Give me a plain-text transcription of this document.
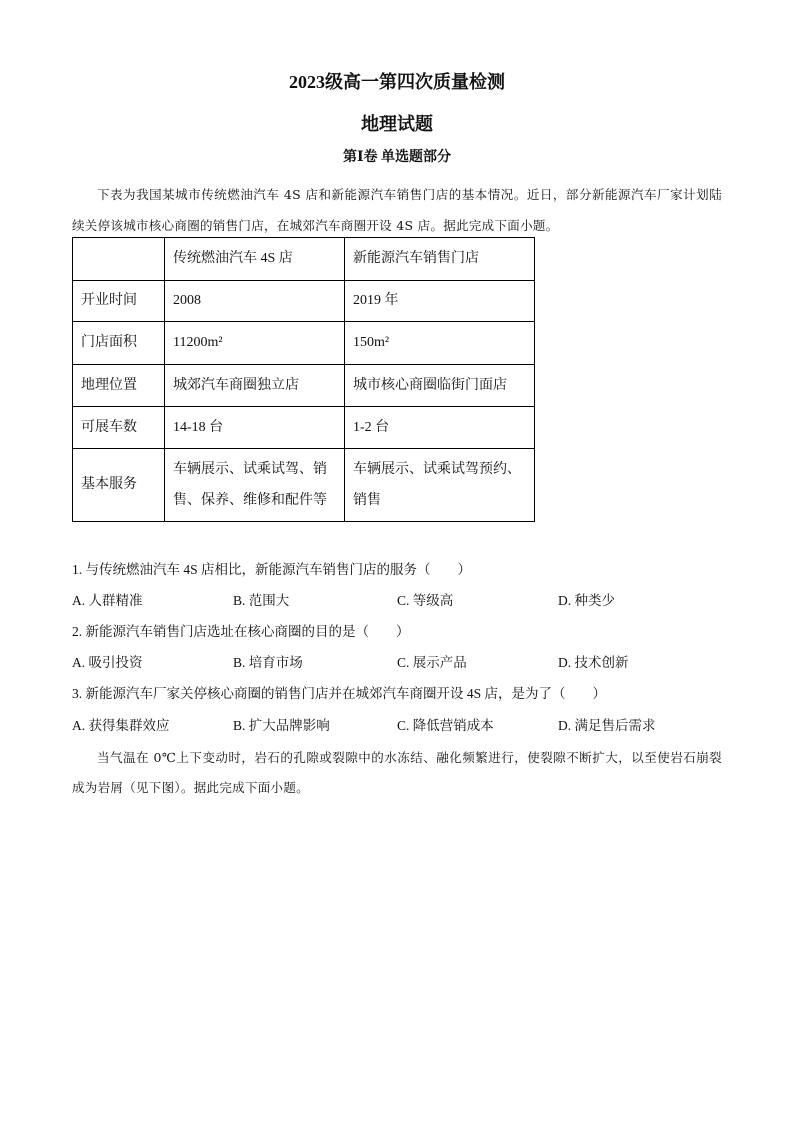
2023级高一第四次质量检测
地理试题
第Ⅰ卷 单选题部分

下表为我国某城市传统燃油汽车 4S 店和新能源汽车销售门店的基本情况。近日，部分新能源汽车厂家计划陆续关停该城市核心商圈的销售门店，在城郊汽车商圈开设 4S 店。据此完成下面小题。

	传统燃油汽车 4S 店	新能源汽车销售门店
开业时间	2008	2019 年
门店面积	11200m²	150m²
地理位置	城郊汽车商圈独立店	城市核心商圈临街门面店
可展车数	14-18 台	1-2 台
基本服务	车辆展示、试乘试驾、销售、保养、维修和配件等	车辆展示、试乘试驾预约、销售
1. 与传统燃油汽车 4S 店相比，新能源汽车销售门店的服务（　　）
A. 人群精准	B. 范围大	C. 等级高	D. 种类少
2. 新能源汽车销售门店选址在核心商圈的目的是（　　）
A. 吸引投资	B. 培育市场	C. 展示产品	D. 技术创新
3. 新能源汽车厂家关停核心商圈的销售门店并在城郊汽车商圈开设 4S 店，是为了（　　）
A. 获得集群效应	B. 扩大品牌影响	C. 降低营销成本	D. 满足售后需求

当气温在 0℃上下变动时，岩石的孔隙或裂隙中的水冻结、融化频繁进行，使裂隙不断扩大，以至使岩石崩裂成为岩屑（见下图）。据此完成下面小题。
